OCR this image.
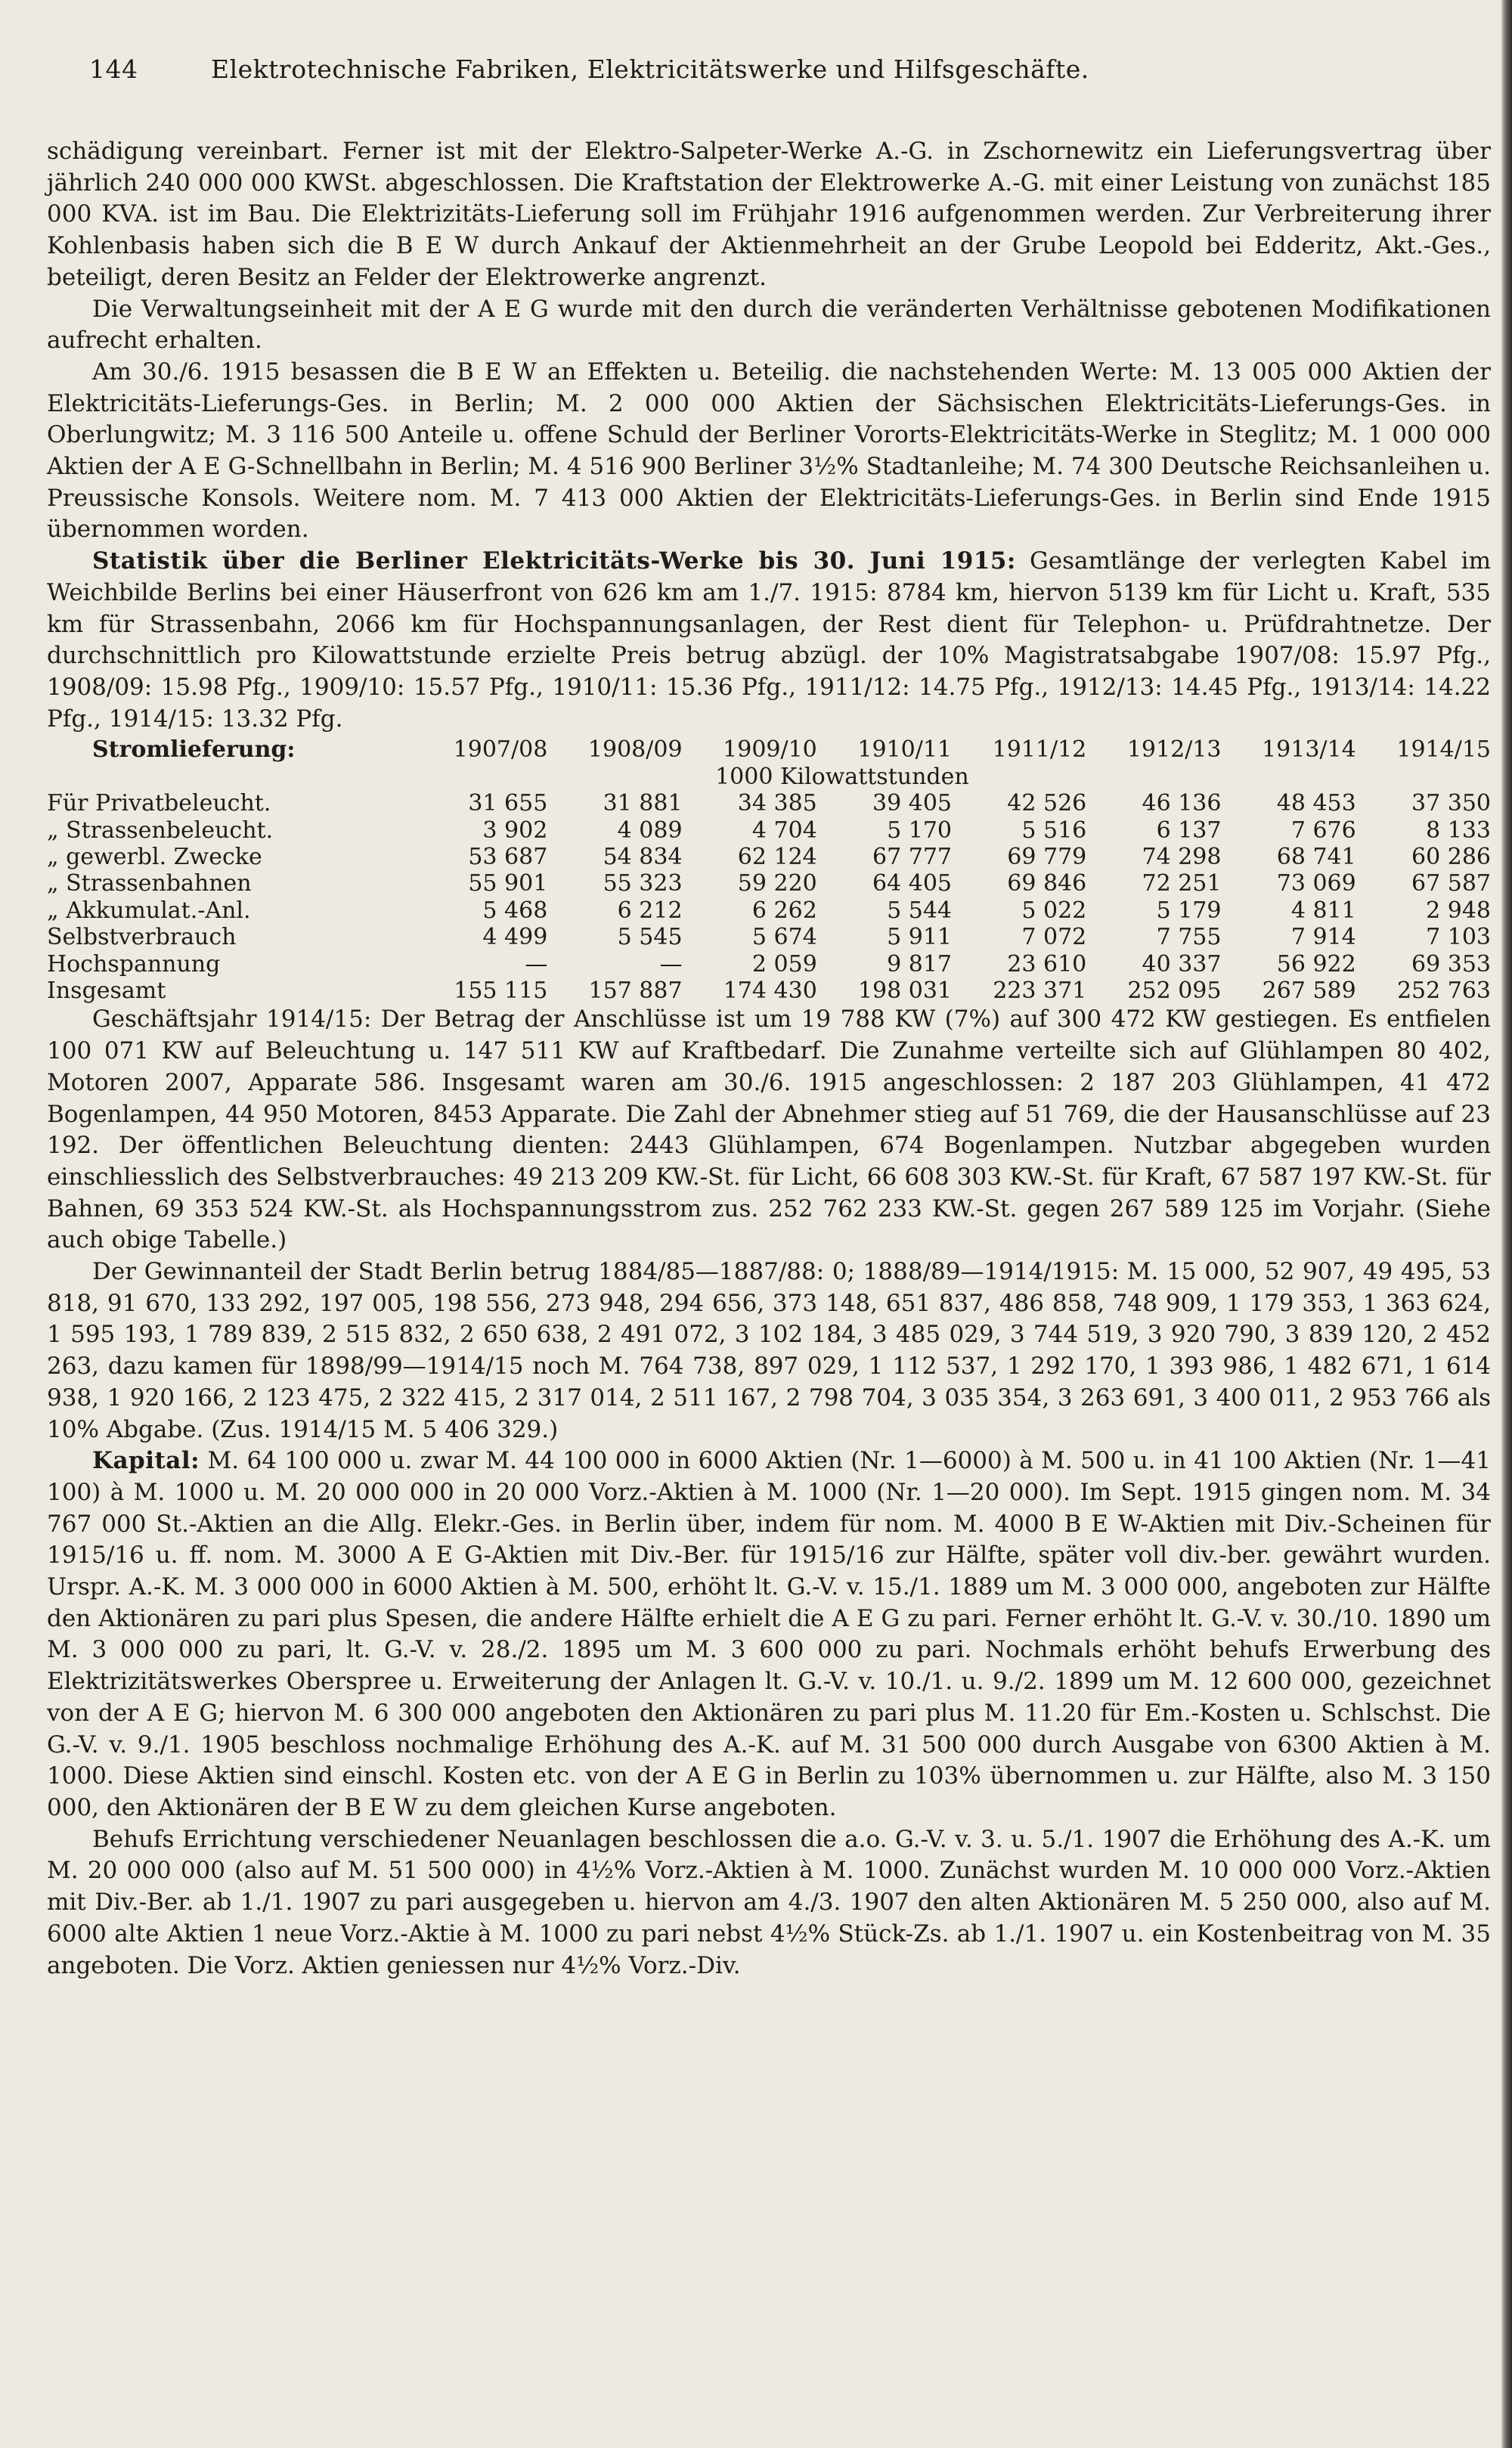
144	Elektrotechnische Fabriken, Elektricitätswerke und Hilfsgeschäfte.

schädigung vereinbart. Ferner ist mit der Elektro-Salpeter-Werke A.-G. in Zschornewitz ein Lieferungsvertrag über jährlich 240 000 000 KWSt. abgeschlossen. Die Kraftstation der Elektrowerke A.-G. mit einer Leistung von zunächst 185 000 KVA. ist im Bau. Die Elektrizitäts-Lieferung soll im Frühjahr 1916 aufgenommen werden. Zur Verbreiterung ihrer Kohlenbasis haben sich die B E W durch Ankauf der Aktienmehrheit an der Grube Leopold bei Edderitz, Akt.-Ges., beteiligt, deren Besitz an Felder der Elektrowerke angrenzt.

Die Verwaltungseinheit mit der A E G wurde mit den durch die veränderten Verhältnisse gebotenen Modifikationen aufrecht erhalten.

Am 30./6. 1915 besassen die B E W an Effekten u. Beteilig. die nachstehenden Werte: M. 13 005 000 Aktien der Elektricitäts-Lieferungs-Ges. in Berlin; M. 2 000 000 Aktien der Sächsischen Elektricitäts-Lieferungs-Ges. in Oberlungwitz; M. 3 116 500 Anteile u. offene Schuld der Berliner Vororts-Elektricitäts-Werke in Steglitz; M. 1 000 000 Aktien der A E G-Schnellbahn in Berlin; M. 4 516 900 Berliner 3½% Stadtanleihe; M. 74 300 Deutsche Reichsanleihen u. Preussische Konsols. Weitere nom. M. 7 413 000 Aktien der Elektricitäts-Lieferungs-Ges. in Berlin sind Ende 1915 übernommen worden.

Statistik über die Berliner Elektricitäts-Werke bis 30. Juni 1915: Gesamtlänge der verlegten Kabel im Weichbilde Berlins bei einer Häuserfront von 626 km am 1./7. 1915: 8784 km, hiervon 5139 km für Licht u. Kraft, 535 km für Strassenbahn, 2066 km für Hochspannungsanlagen, der Rest dient für Telephon- u. Prüfdrahtnetze. Der durchschnittlich pro Kilowattstunde erzielte Preis betrug abzügl. der 10% Magistratsabgabe 1907/08: 15.97 Pfg., 1908/09: 15.98 Pfg., 1909/10: 15.57 Pfg., 1910/11: 15.36 Pfg., 1911/12: 14.75 Pfg., 1912/13: 14.45 Pfg., 1913/14: 14.22 Pfg., 1914/15: 13.32 Pfg.

Stromlieferung:	1907/08	1908/09	1909/10	1910/11	1911/12	1912/13	1913/14	1914/15
	1000 Kilowattstunden							
Für Privatbeleucht.	31 655	31 881	34 385	39 405	42 526	46 136	48 453	37 350
„ Strassenbeleucht.	3 902	4 089	4 704	5 170	5 516	6 137	7 676	8 133
„ gewerbl. Zwecke	53 687	54 834	62 124	67 777	69 779	74 298	68 741	60 286
„ Strassenbahnen	55 901	55 323	59 220	64 405	69 846	72 251	73 069	67 587
„ Akkumulat.-Anl.	5 468	6 212	6 262	5 544	5 022	5 179	4 811	2 948
Selbstverbrauch	4 499	5 545	5 674	5 911	7 072	7 755	7 914	7 103
Hochspannung	—	—	2 059	9 817	23 610	40 337	56 922	69 353
Insgesamt	155 115	157 887	174 430	198 031	223 371	252 095	267 589	252 763

Geschäftsjahr 1914/15: Der Betrag der Anschlüsse ist um 19 788 KW (7%) auf 300 472 KW gestiegen. Es entfielen 100 071 KW auf Beleuchtung u. 147 511 KW auf Kraftbedarf. Die Zunahme verteilte sich auf Glühlampen 80 402, Motoren 2007, Apparate 586. Insgesamt waren am 30./6. 1915 angeschlossen: 2 187 203 Glühlampen, 41 472 Bogenlampen, 44 950 Motoren, 8453 Apparate. Die Zahl der Abnehmer stieg auf 51 769, die der Hausanschlüsse auf 23 192. Der öffentlichen Beleuchtung dienten: 2443 Glühlampen, 674 Bogenlampen. Nutzbar abgegeben wurden einschliesslich des Selbstverbrauches: 49 213 209 KW.-St. für Licht, 66 608 303 KW.-St. für Kraft, 67 587 197 KW.-St. für Bahnen, 69 353 524 KW.-St. als Hochspannungsstrom zus. 252 762 233 KW.-St. gegen 267 589 125 im Vorjahr. (Siehe auch obige Tabelle.)

Der Gewinnanteil der Stadt Berlin betrug 1884/85—1887/88: 0; 1888/89—1914/1915: M. 15 000, 52 907, 49 495, 53 818, 91 670, 133 292, 197 005, 198 556, 273 948, 294 656, 373 148, 651 837, 486 858, 748 909, 1 179 353, 1 363 624, 1 595 193, 1 789 839, 2 515 832, 2 650 638, 2 491 072, 3 102 184, 3 485 029, 3 744 519, 3 920 790, 3 839 120, 2 452 263, dazu kamen für 1898/99—1914/15 noch M. 764 738, 897 029, 1 112 537, 1 292 170, 1 393 986, 1 482 671, 1 614 938, 1 920 166, 2 123 475, 2 322 415, 2 317 014, 2 511 167, 2 798 704, 3 035 354, 3 263 691, 3 400 011, 2 953 766 als 10% Abgabe. (Zus. 1914/15 M. 5 406 329.)

Kapital: M. 64 100 000 u. zwar M. 44 100 000 in 6000 Aktien (Nr. 1—6000) à M. 500 u. in 41 100 Aktien (Nr. 1—41 100) à M. 1000 u. M. 20 000 000 in 20 000 Vorz.-Aktien à M. 1000 (Nr. 1—20 000). Im Sept. 1915 gingen nom. M. 34 767 000 St.-Aktien an die Allg. Elekr.-Ges. in Berlin über, indem für nom. M. 4000 B E W-Aktien mit Div.-Scheinen für 1915/16 u. ff. nom. M. 3000 A E G-Aktien mit Div.-Ber. für 1915/16 zur Hälfte, später voll div.-ber. gewährt wurden. Urspr. A.-K. M. 3 000 000 in 6000 Aktien à M. 500, erhöht lt. G.-V. v. 15./1. 1889 um M. 3 000 000, angeboten zur Hälfte den Aktionären zu pari plus Spesen, die andere Hälfte erhielt die A E G zu pari. Ferner erhöht lt. G.-V. v. 30./10. 1890 um M. 3 000 000 zu pari, lt. G.-V. v. 28./2. 1895 um M. 3 600 000 zu pari. Nochmals erhöht behufs Erwerbung des Elektrizitätswerkes Oberspree u. Erweiterung der Anlagen lt. G.-V. v. 10./1. u. 9./2. 1899 um M. 12 600 000, gezeichnet von der A E G; hiervon M. 6 300 000 angeboten den Aktionären zu pari plus M. 11.20 für Em.-Kosten u. Schlschst. Die G.-V. v. 9./1. 1905 beschloss nochmalige Erhöhung des A.-K. auf M. 31 500 000 durch Ausgabe von 6300 Aktien à M. 1000. Diese Aktien sind einschl. Kosten etc. von der A E G in Berlin zu 103% übernommen u. zur Hälfte, also M. 3 150 000, den Aktionären der B E W zu dem gleichen Kurse angeboten.

Behufs Errichtung verschiedener Neuanlagen beschlossen die a.o. G.-V. v. 3. u. 5./1. 1907 die Erhöhung des A.-K. um M. 20 000 000 (also auf M. 51 500 000) in 4½% Vorz.-Aktien à M. 1000. Zunächst wurden M. 10 000 000 Vorz.-Aktien mit Div.-Ber. ab 1./1. 1907 zu pari ausgegeben u. hiervon am 4./3. 1907 den alten Aktionären M. 5 250 000, also auf M. 6000 alte Aktien 1 neue Vorz.-Aktie à M. 1000 zu pari nebst 4½% Stück-Zs. ab 1./1. 1907 u. ein Kostenbeitrag von M. 35 angeboten. Die Vorz. Aktien geniessen nur 4½% Vorz.-Div.
